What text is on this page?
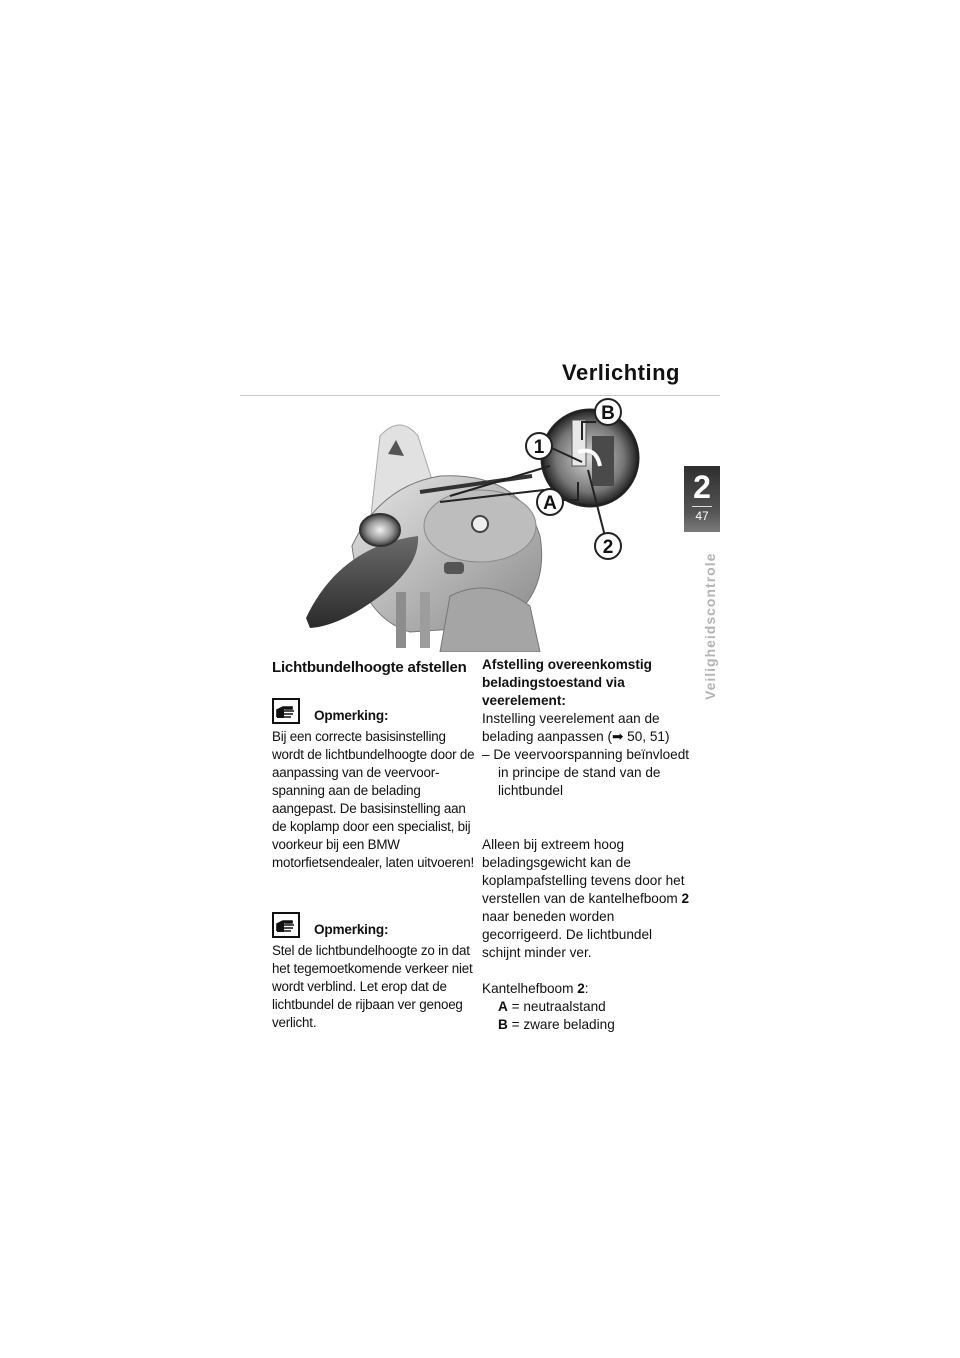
Verlichting
2
47
Veiligheidscontrole
B
1
A
2
Lichtbundelhoogte afstellen
Opmerking:

Bij een correcte basisinstelling wordt de lichtbundelhoogte door de aanpassing van de veervoor-spanning aan de belading aangepast. De basisinstelling aan de koplamp door een specialist, bij voorkeur bij een BMW motorfietsendealer, laten uitvoeren!

Opmerking:

Stel de lichtbundelhoogte zo in dat het tegemoetkomende verkeer niet wordt verblind. Let erop dat de lichtbundel de rijbaan ver genoeg verlicht.

Afstelling overeenkomstig beladingstoestand via veerelement:

Instelling veerelement aan de belading aanpassen (➡ 50, 51)

– De veervoorspanning beïnvloedt in principe de stand van de lichtbundel

Alleen bij extreem hoog beladingsgewicht kan de koplampafstelling tevens door het verstellen van de kantelhefboom 2 naar beneden worden gecorrigeerd. De lichtbundel schijnt minder ver.

Kantelhefboom 2:

A = neutraalstand

B = zware belading
